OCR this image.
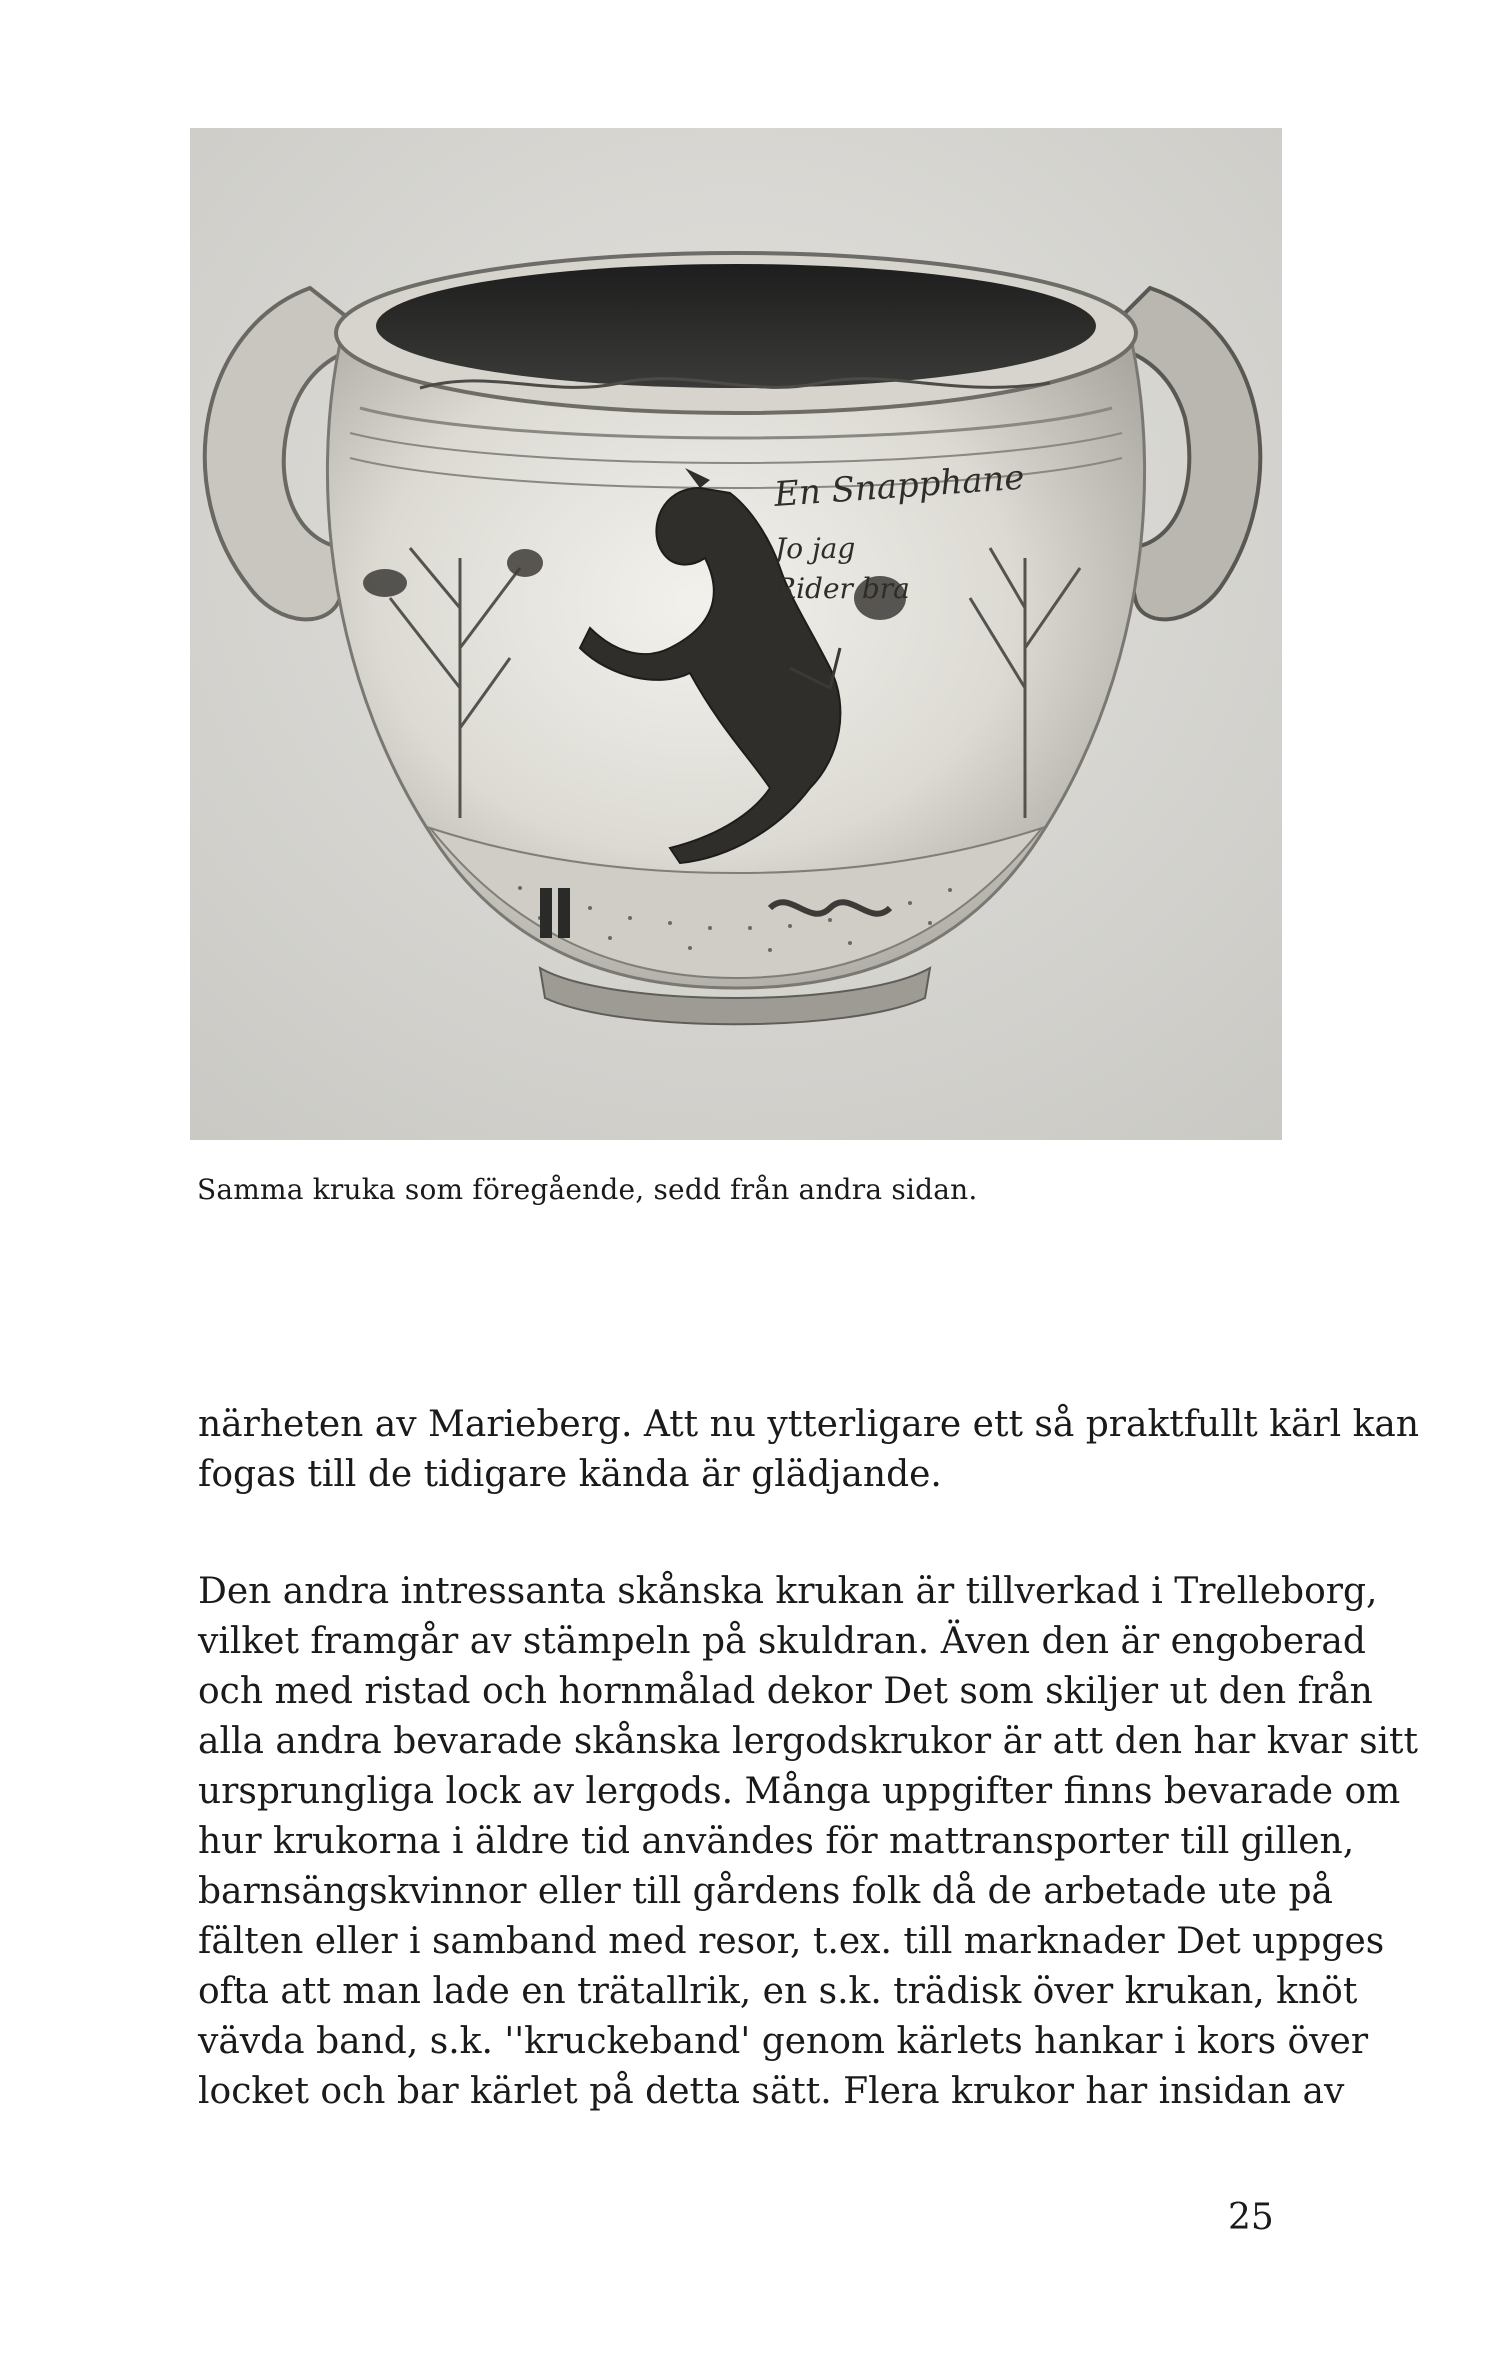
En Snapphane
Jo jag
Rider bra
Samma kruka som föregående, sedd från andra sidan.

närheten av Marieberg. Att nu ytterligare ett så praktfullt kärl kan
fogas till de tidigare kända är glädjande.

Den andra intressanta skånska krukan är tillverkad i Trelleborg,
vilket framgår av stämpeln på skuldran. Även den är engoberad
och med ristad och hornmålad dekor Det som skiljer ut den från
alla andra bevarade skånska lergodskrukor är att den har kvar sitt
ursprungliga lock av lergods. Många uppgifter finns bevarade om
hur krukorna i äldre tid användes för mattransporter till gillen,
barnsängskvinnor eller till gårdens folk då de arbetade ute på
fälten eller i samband med resor, t.ex. till marknader Det uppges
ofta att man lade en trätallrik, en s.k. trädisk över krukan, knöt
vävda band, s.k. ''kruckeband' genom kärlets hankar i kors över
locket och bar kärlet på detta sätt. Flera krukor har insidan av

25
